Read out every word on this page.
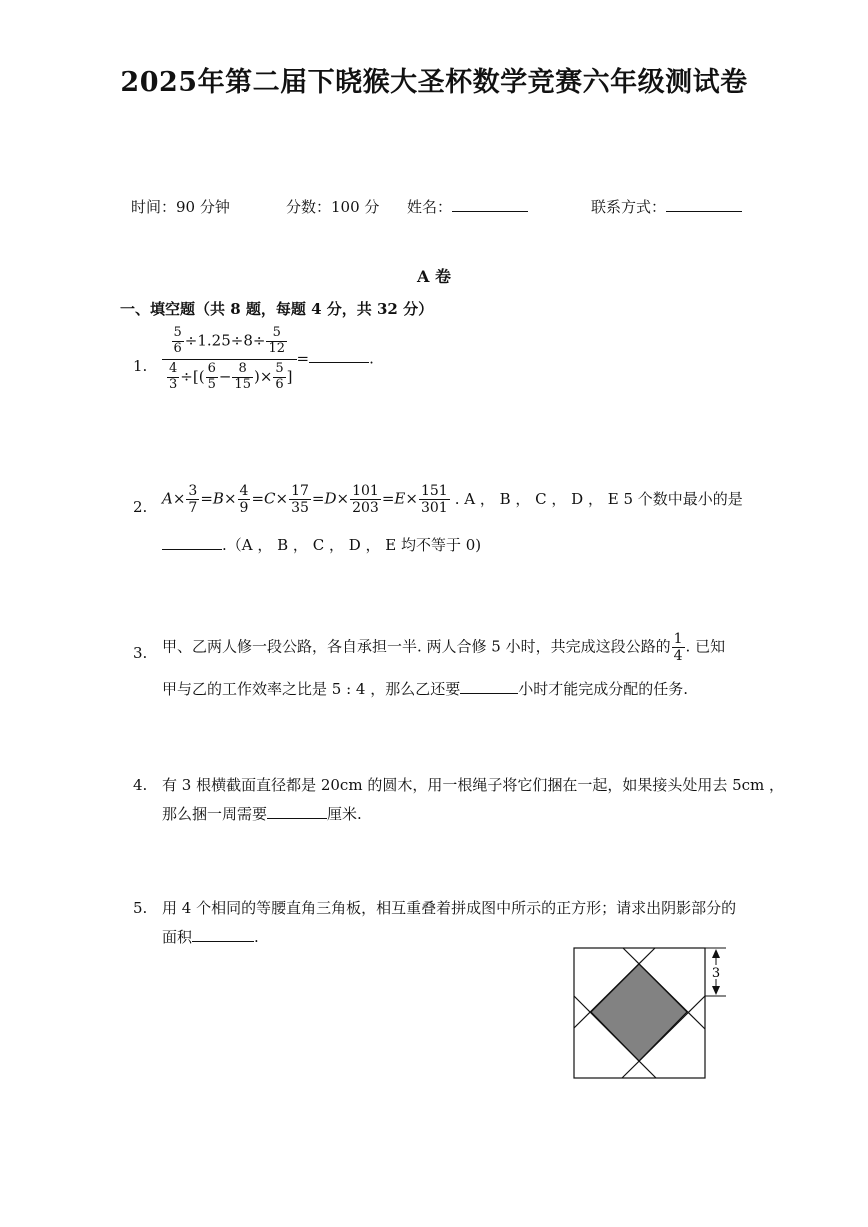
2025年第二届下晓猴大圣杯数学竞赛六年级测试卷
时间：90 分钟	分数：100 分 姓名：	联系方式：
A 卷
一、填空题（共 8 题，每题 4 分，共 32 分）
1. $\frac{\frac{5}{6} \div 1.25\div 8\div \frac{5}{12}}{\frac{4}{3} \div[( \frac{6}{5} - \frac{8}{15} )\times \frac{5}{6} ]}$ =	.
2. $A\times \frac{3}{7} =B\times \frac{4}{9} =C\times \frac{17}{35} =D\times \frac{101}{203} =E\times \frac{151}{301}$ . A ， B ， C ， D ， E 5 个数中最小的是
.（A ， B ， C ， D ， E 均不等于 0)
3. 甲、乙两人修一段公路，各自承担一半. 两人合修 5 小时，共完成这段公路的 $\frac{1}{4}$ . 已知
甲与乙的工作效率之比是 5 : 4 ，那么乙还要	小时才能完成分配的任务.
4. 有 3 根横截面直径都是 20cm 的圆木，用一根绳子将它们捆在一起，如果接头处用去 5cm ，
那么捆一周需要	厘米.
5. 用 4 个相同的等腰直角三角板，相互重叠着拼成图中所示的正方形；请求出阴影部分的
面积	.
3
